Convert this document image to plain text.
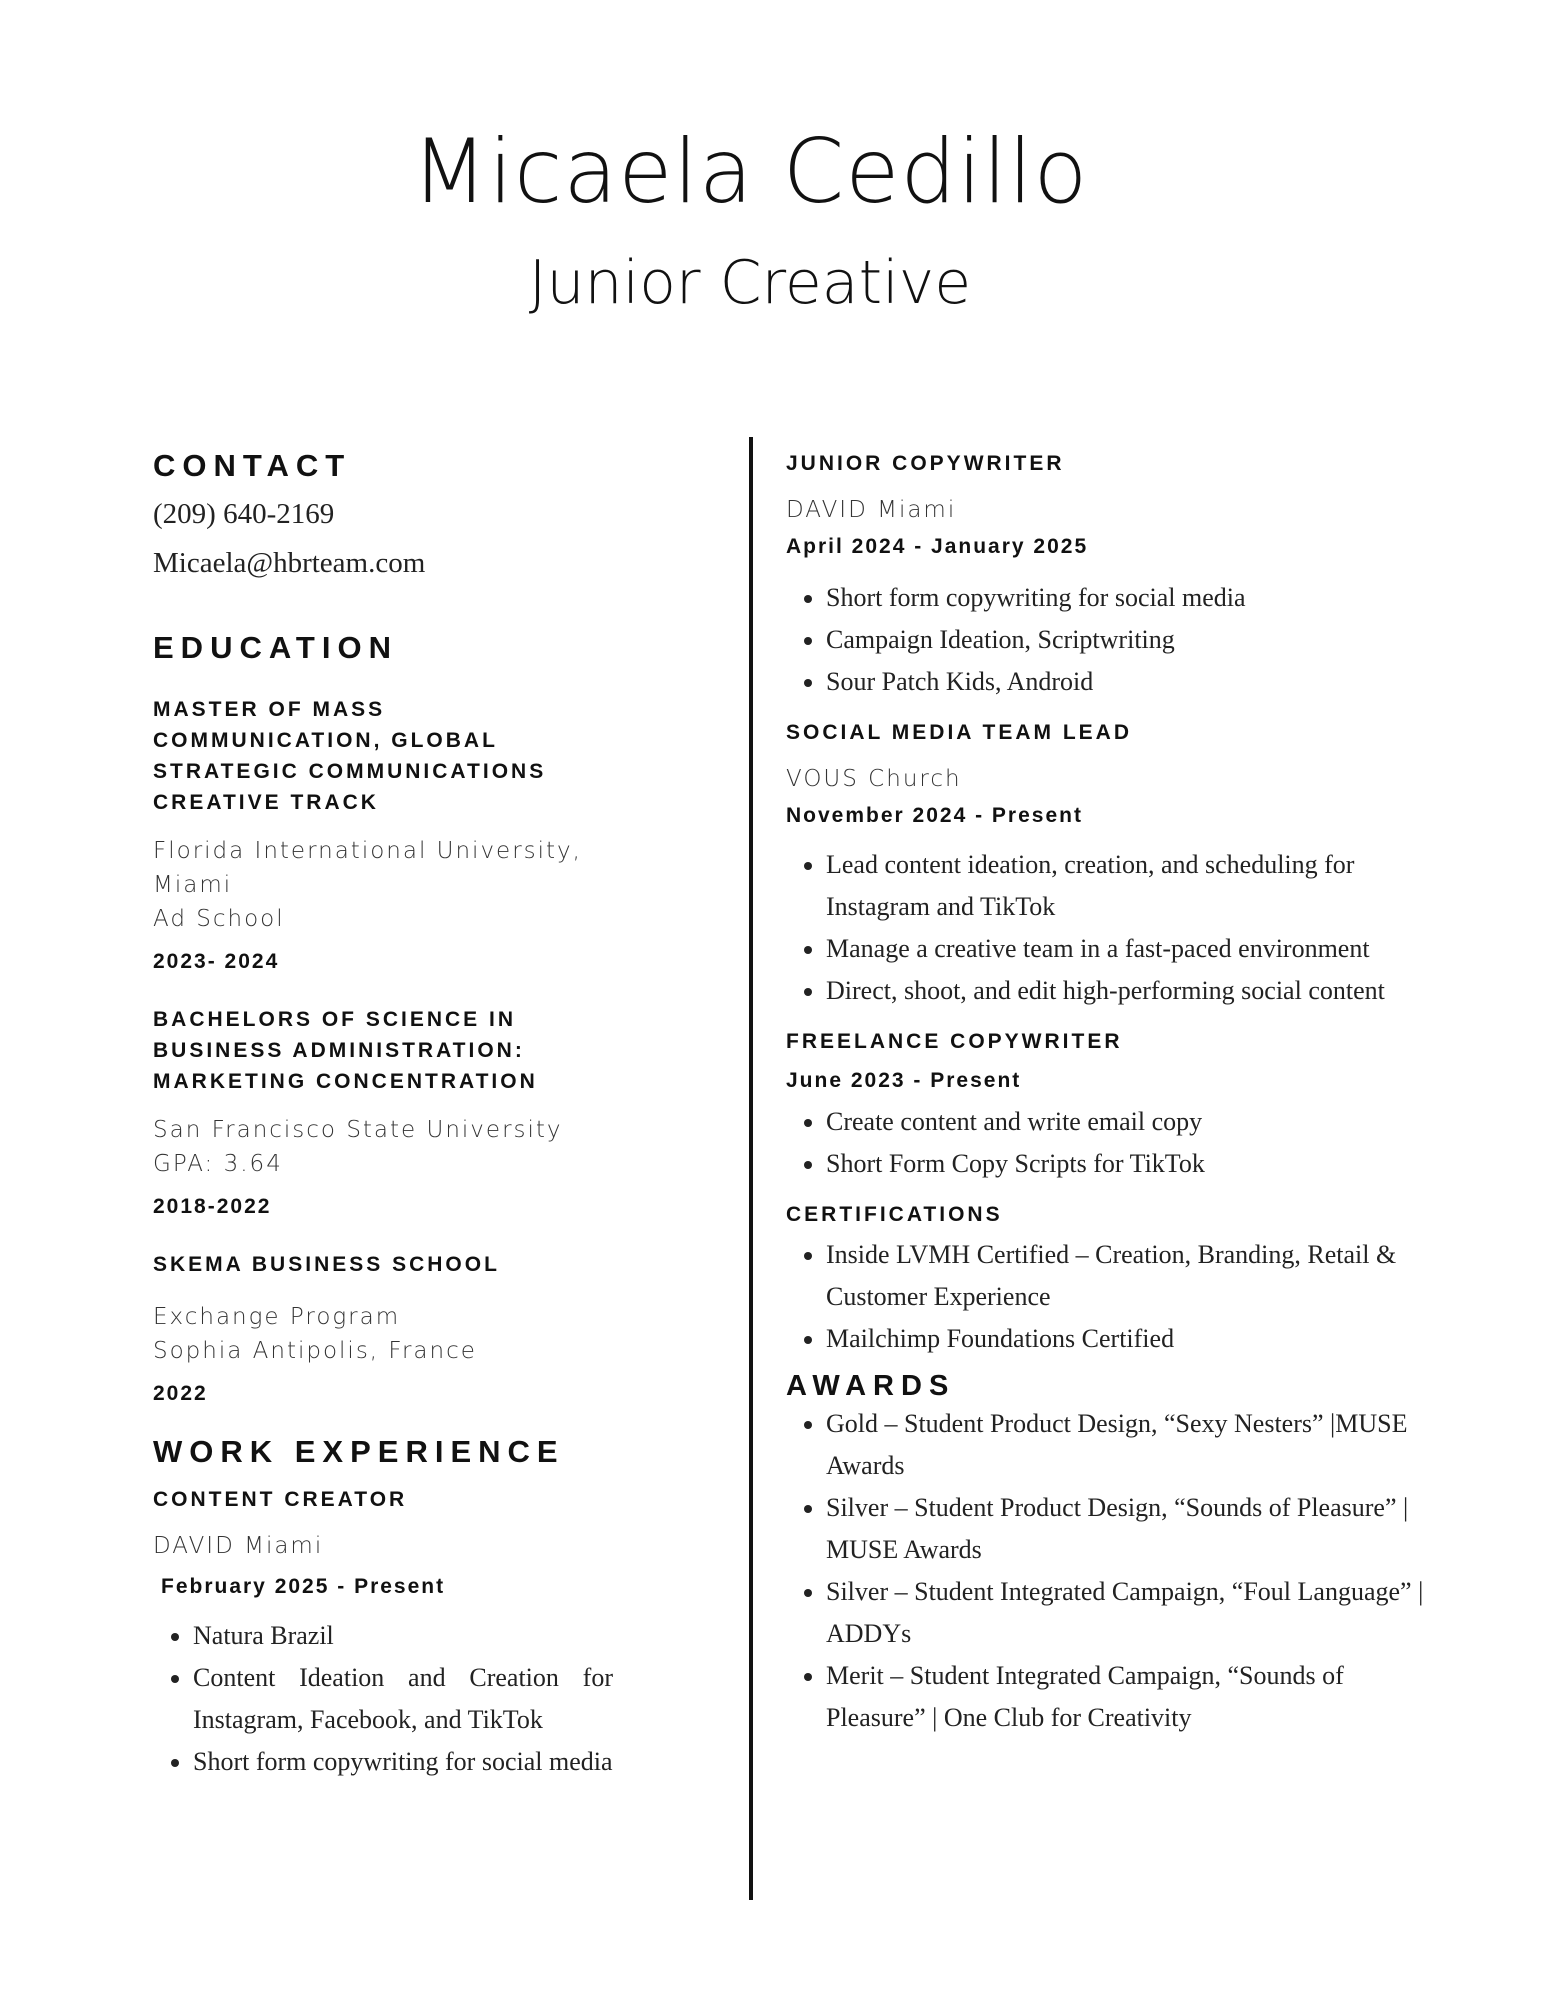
Micaela Cedillo
Junior Creative
CONTACT
(209) 640-2169
Micaela@hbrteam.com
EDUCATION
MASTER OF MASS
COMMUNICATION, GLOBAL
STRATEGIC COMMUNICATIONS
CREATIVE TRACK
Florida International University, Miami
Ad School
2023- 2024
BACHELORS OF SCIENCE IN
BUSINESS ADMINISTRATION:
MARKETING CONCENTRATION
San Francisco State University
GPA: 3.64
2018-2022
SKEMA BUSINESS SCHOOL
Exchange Program
Sophia Antipolis, France
2022
WORK EXPERIENCE
CONTENT CREATOR
DAVID Miami
February 2025 - Present
• Natura Brazil
• Content Ideation and Creation for Instagram, Facebook, and TikTok
• Short form copywriting for social media
JUNIOR COPYWRITER
DAVID Miami
April 2024 - January 2025
• Short form copywriting for social media
• Campaign Ideation, Scriptwriting
• Sour Patch Kids, Android
SOCIAL MEDIA TEAM LEAD
VOUS Church
November 2024 - Present
• Lead content ideation, creation, and scheduling for Instagram and TikTok
• Manage a creative team in a fast-paced environment
• Direct, shoot, and edit high-performing social content
FREELANCE COPYWRITER
June 2023 - Present
• Create content and write email copy
• Short Form Copy Scripts for TikTok
CERTIFICATIONS
• Inside LVMH Certified – Creation, Branding, Retail & Customer Experience
• Mailchimp Foundations Certified
AWARDS
• Gold – Student Product Design, “Sexy Nesters” |MUSE Awards
• Silver – Student Product Design, “Sounds of Pleasure” | MUSE Awards
• Silver – Student Integrated Campaign, “Foul Language” | ADDYs
• Merit – Student Integrated Campaign, “Sounds of Pleasure” | One Club for Creativity
